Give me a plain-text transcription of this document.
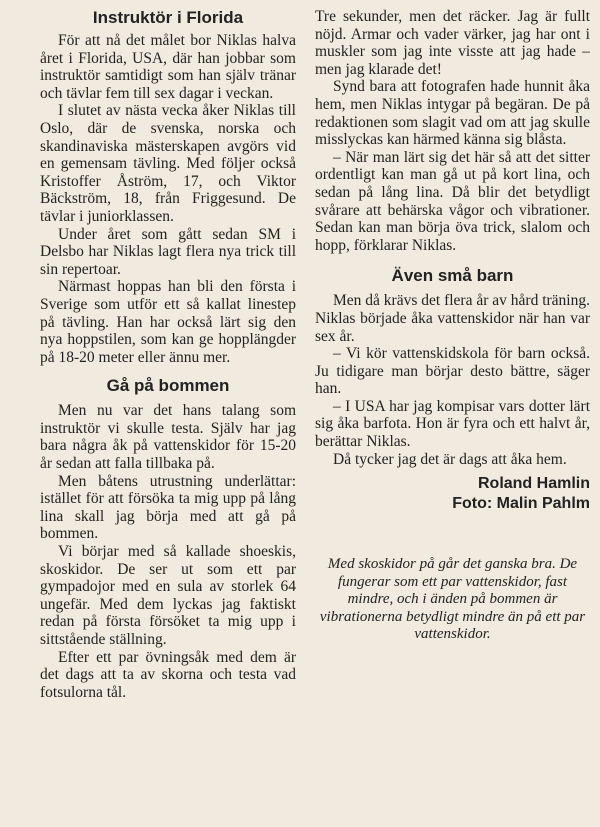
Instruktör i Florida

För att nå det målet bor Niklas halva året i Florida, USA, där han jobbar som instruktör samtidigt som han själv tränar och tävlar fem till sex dagar i veckan.

I slutet av nästa vecka åker Niklas till Oslo, där de svenska, norska och skandinaviska mästerskapen avgörs vid en gemensam tävling. Med följer också Kristoffer Åström, 17, och Viktor Bäckström, 18, från Friggesund. De tävlar i juniorklassen.

Under året som gått sedan SM i Delsbo har Niklas lagt flera nya trick till sin repertoar.

Närmast hoppas han bli den första i Sverige som utför ett så kallat linestep på tävling. Han har också lärt sig den nya hoppstilen, som kan ge hopplängder på 18-20 meter eller ännu mer.

Gå på bommen

Men nu var det hans talang som instruktör vi skulle testa. Själv har jag bara några åk på vattenskidor för 15-20 år sedan att falla tillbaka på.

Men båtens utrustning underlättar: istället för att försöka ta mig upp på lång lina skall jag börja med att gå på bommen.

Vi börjar med så kallade shoeskis, skoskidor. De ser ut som ett par gympadojor med en sula av storlek 64 ungefär. Med dem lyckas jag faktiskt redan på första försöket ta mig upp i sittstående ställning.

Efter ett par övningsåk med dem är det dags att ta av skorna och testa vad fotsulorna tål.

Tre sekunder, men det räcker. Jag är fullt nöjd. Armar och vader värker, jag har ont i muskler som jag inte visste att jag hade – men jag klarade det!

Synd bara att fotografen hade hunnit åka hem, men Niklas intygar på begäran. De på redaktionen som slagit vad om att jag skulle misslyckas kan härmed känna sig blåsta.

– När man lärt sig det här så att det sitter ordentligt kan man gå ut på kort lina, och sedan på lång lina. Då blir det betydligt svårare att behärska vågor och vibrationer. Sedan kan man börja öva trick, slalom och hopp, förklarar Niklas.

Även små barn

Men då krävs det flera år av hård träning. Niklas började åka vattenskidor när han var sex år.

– Vi kör vattenskidskola för barn också. Ju tidigare man börjar desto bättre, säger han.

– I USA har jag kompisar vars dotter lärt sig åka barfota. Hon är fyra och ett halvt år, berättar Niklas.

Då tycker jag det är dags att åka hem.

Roland Hamlin
Foto: Malin Pahlm

Med skoskidor på går det ganska bra. De fungerar som ett par vattenskidor, fast mindre, och i änden på bommen är vibrationerna betydligt mindre än på ett par vattenskidor.
